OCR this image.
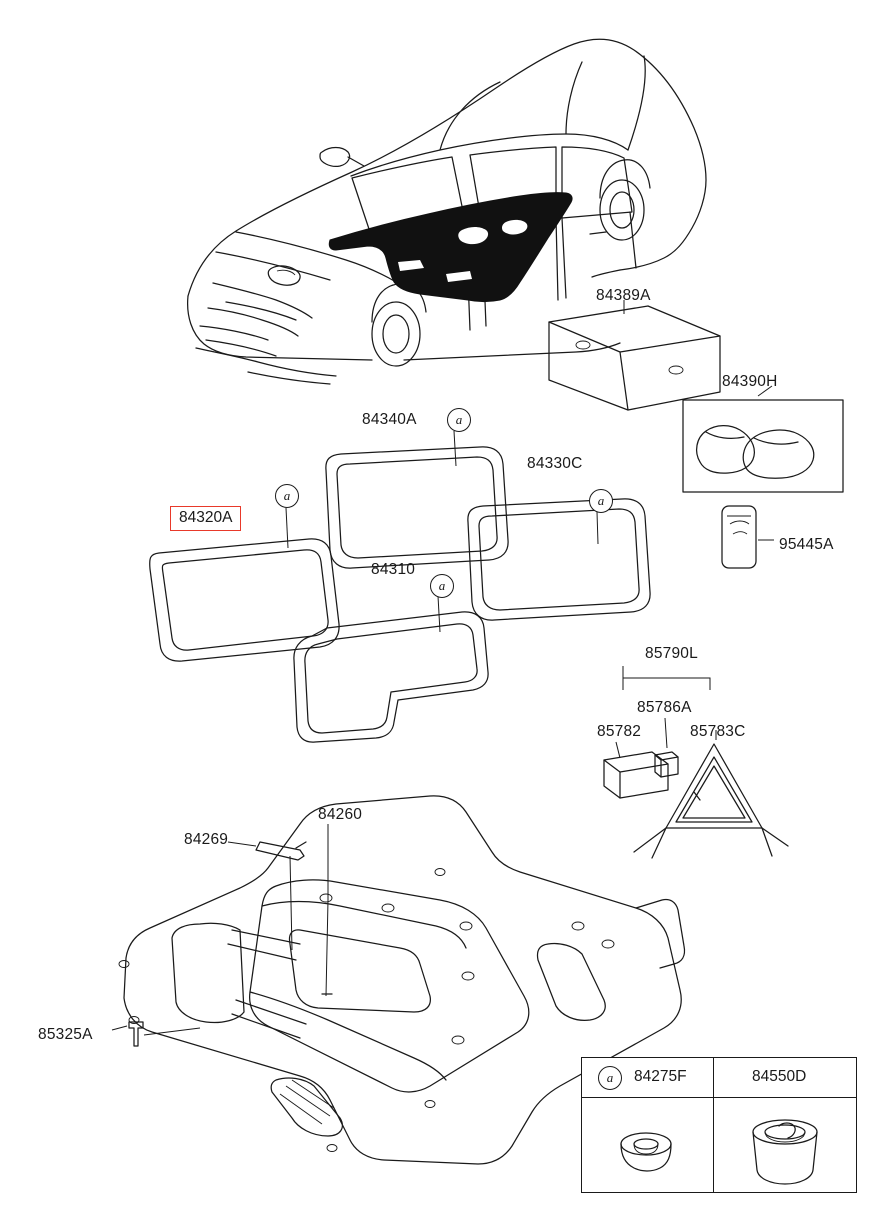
84389A
84390H
95445A
84340A
84330C
84320A
84310
85790L
85786A
85782	85783C
84260
84269
85325A
a
a
a
a
a	84275F	84550D
